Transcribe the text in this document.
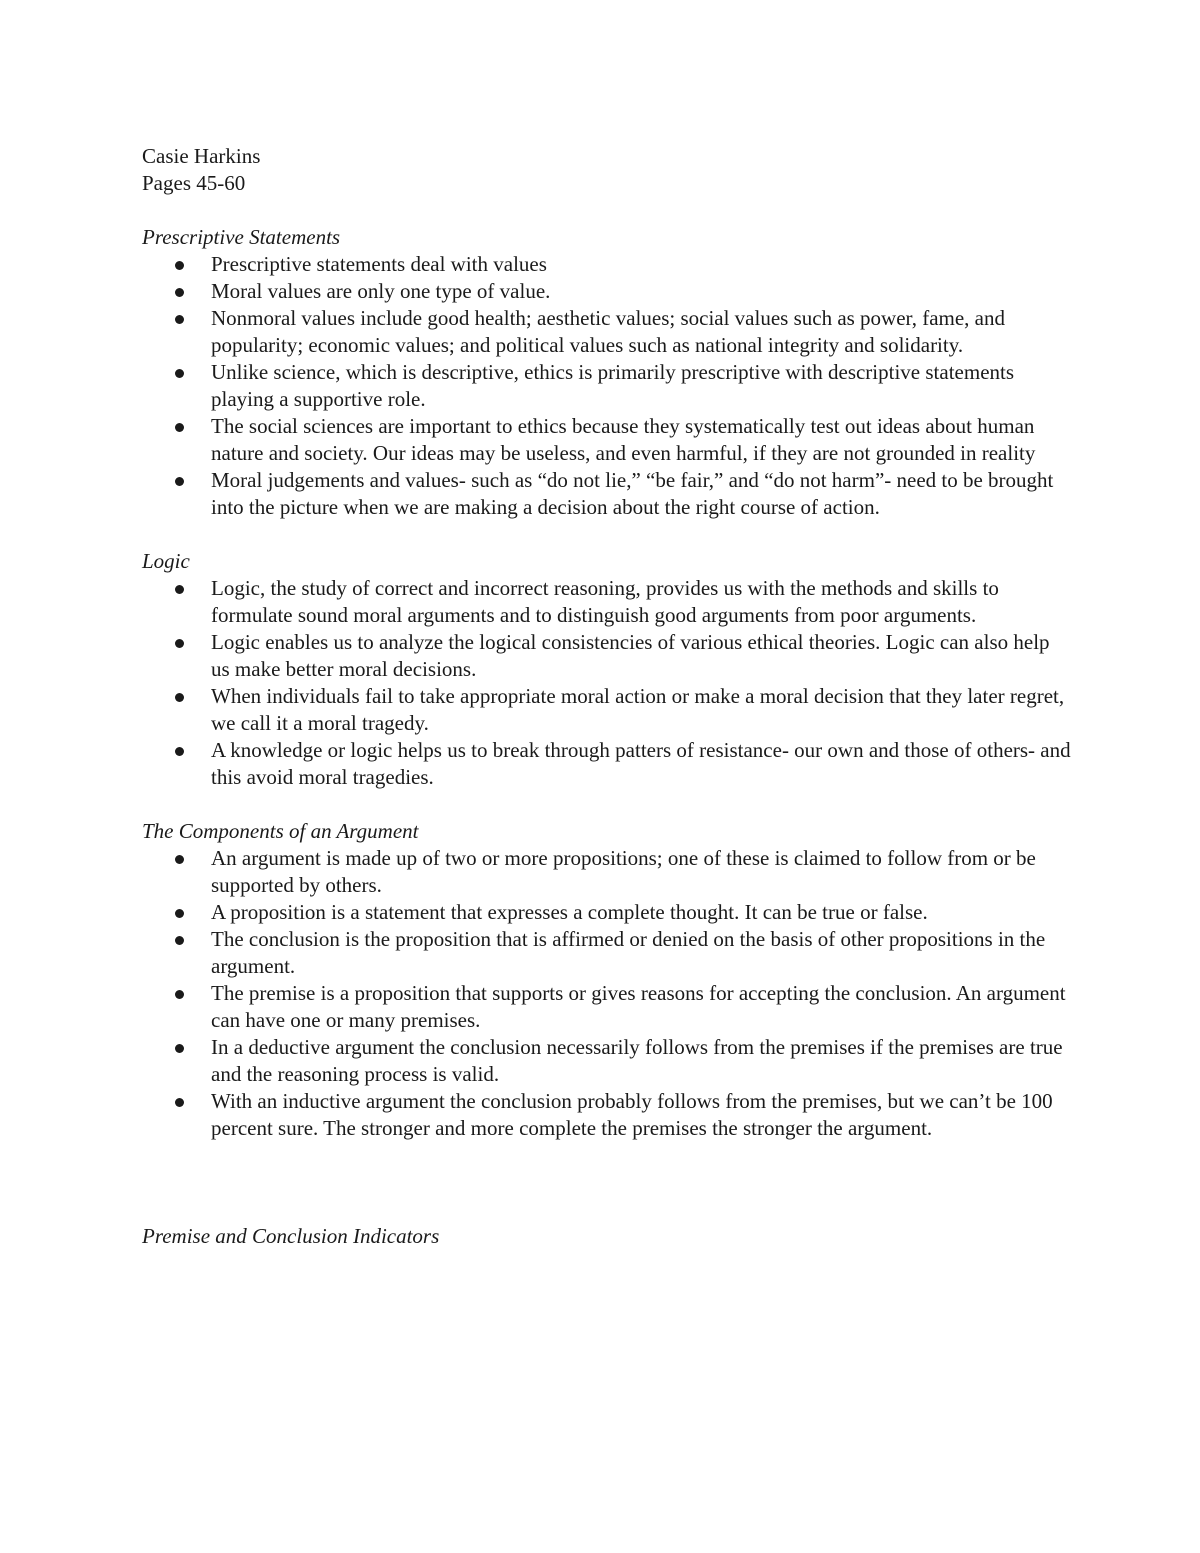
Casie Harkins

Pages 45-60

Prescriptive Statements
Prescriptive statements deal with values
Moral values are only one type of value.
Nonmoral values include good health; aesthetic values; social values such as power, fame, and popularity; economic values; and political values such as national integrity and solidarity.
Unlike science, which is descriptive, ethics is primarily prescriptive with descriptive statements playing a supportive role.
The social sciences are important to ethics because they systematically test out ideas about human nature and society. Our ideas may be useless, and even harmful, if they are not grounded in reality
Moral judgements and values- such as “do not lie,” “be fair,” and “do not harm”- need to be brought into the picture when we are making a decision about the right course of action.
Logic
Logic, the study of correct and incorrect reasoning, provides us with the methods and skills to formulate sound moral arguments and to distinguish good arguments from poor arguments.
Logic enables us to analyze the logical consistencies of various ethical theories. Logic can also help us make better moral decisions.
When individuals fail to take appropriate moral action or make a moral decision that they later regret, we call it a moral tragedy.
A knowledge or logic helps us to break through patters of resistance- our own and those of others- and this avoid moral tragedies.
The Components of an Argument
An argument is made up of two or more propositions; one of these is claimed to follow from or be supported by others.
A proposition is a statement that expresses a complete thought. It can be true or false.
The conclusion is the proposition that is affirmed or denied on the basis of other propositions in the argument.
The premise is a proposition that supports or gives reasons for accepting the conclusion. An argument can have one or many premises.
In a deductive argument the conclusion necessarily follows from the premises if the premises are true and the reasoning process is valid.
With an inductive argument the conclusion probably follows from the premises, but we can’t be 100 percent sure. The stronger and more complete the premises the stronger the argument.
Premise and Conclusion Indicators
